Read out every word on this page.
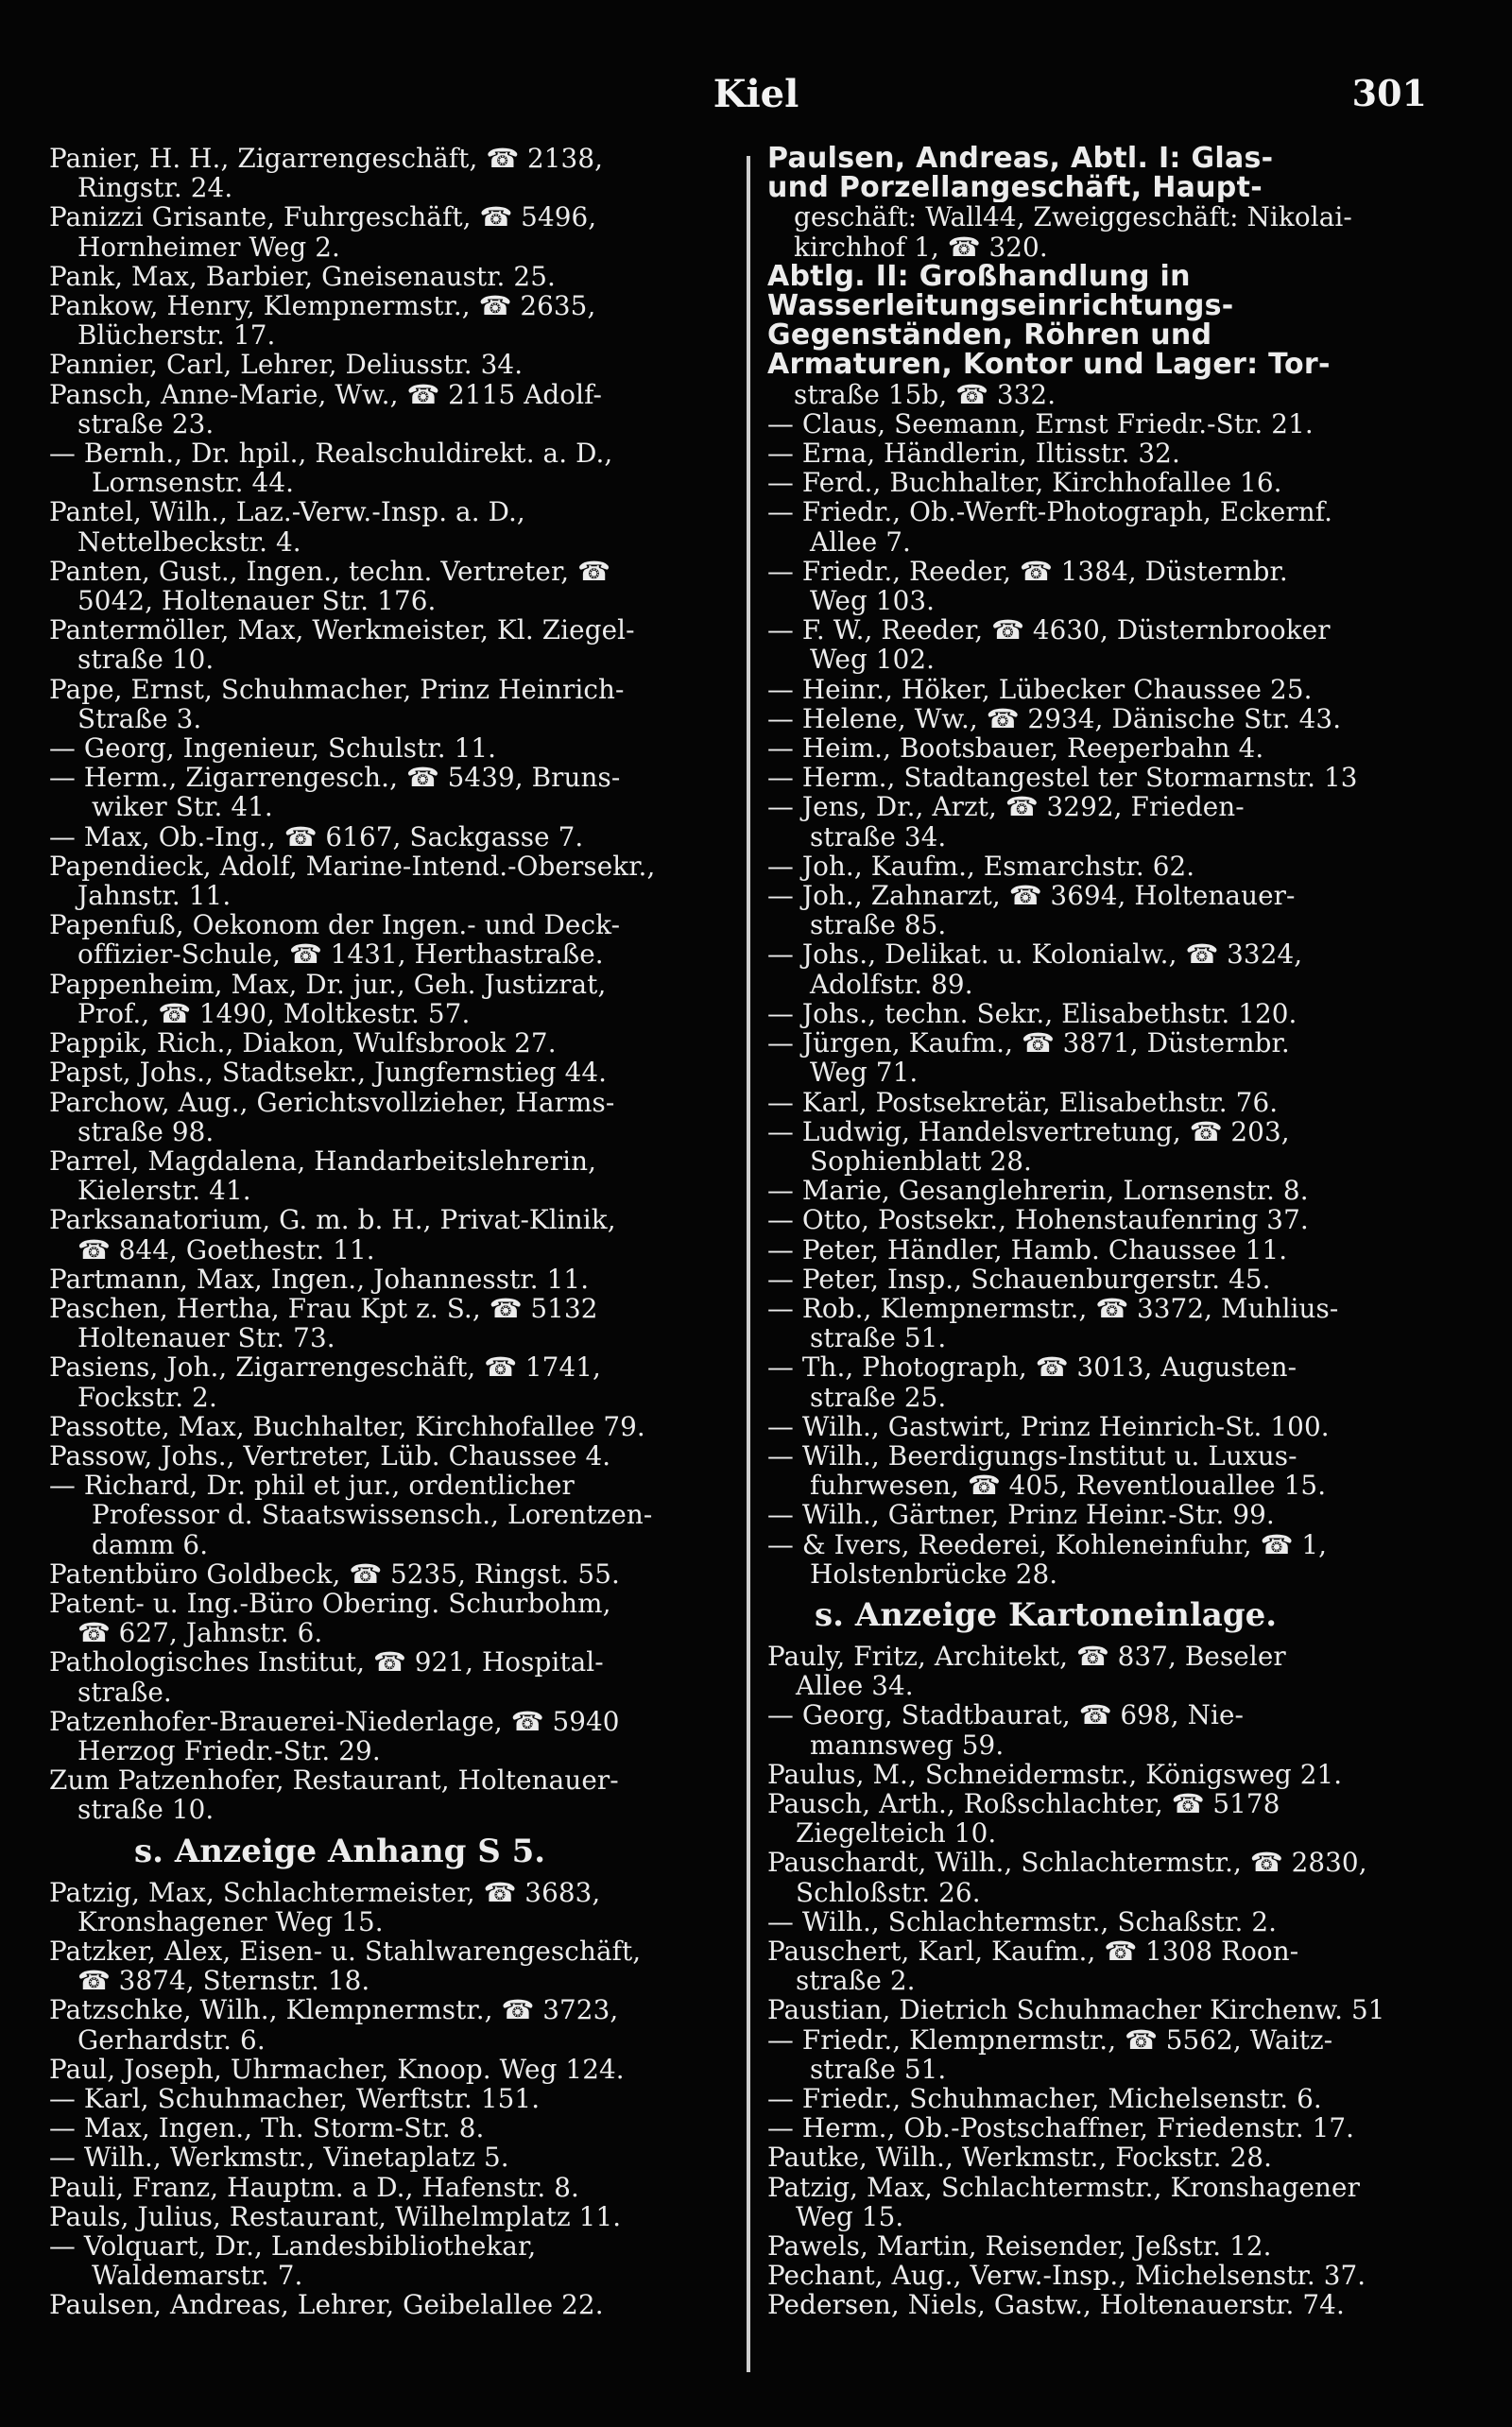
Kiel	301
Panier, H. H., Zigarrengeschäft, ☎ 2138,
Ringstr. 24.
Panizzi Grisante, Fuhrgeschäft, ☎ 5496,
Hornheimer Weg 2.
Pank, Max, Barbier, Gneisenaustr. 25.
Pankow, Henry, Klempnermstr., ☎ 2635,
Blücherstr. 17.
Pannier, Carl, Lehrer, Deliusstr. 34.
Pansch, Anne-Marie, Ww., ☎ 2115 Adolf-
straße 23.
— Bernh., Dr. hpil., Realschuldirekt. a. D.,
Lornsenstr. 44.
Pantel, Wilh., Laz.-Verw.-Insp. a. D.,
Nettelbeckstr. 4.
Panten, Gust., Ingen., techn. Vertreter, ☎
5042, Holtenauer Str. 176.
Pantermöller, Max, Werkmeister, Kl. Ziegel-
straße 10.
Pape, Ernst, Schuhmacher, Prinz Heinrich-
Straße 3.
— Georg, Ingenieur, Schulstr. 11.
— Herm., Zigarrengesch., ☎ 5439, Bruns-
wiker Str. 41.
— Max, Ob.-Ing., ☎ 6167, Sackgasse 7.
Papendieck, Adolf, Marine-Intend.-Obersekr.,
Jahnstr. 11.
Papenfuß, Oekonom der Ingen.- und Deck-
offizier-Schule, ☎ 1431, Herthastraße.
Pappenheim, Max, Dr. jur., Geh. Justizrat,
Prof., ☎ 1490, Moltkestr. 57.
Pappik, Rich., Diakon, Wulfsbrook 27.
Papst, Johs., Stadtsekr., Jungfernstieg 44.
Parchow, Aug., Gerichtsvollzieher, Harms-
straße 98.
Parrel, Magdalena, Handarbeitslehrerin,
Kielerstr. 41.
Parksanatorium, G. m. b. H., Privat-Klinik,
☎ 844, Goethestr. 11.
Partmann, Max, Ingen., Johannesstr. 11.
Paschen, Hertha, Frau Kpt z. S., ☎ 5132
Holtenauer Str. 73.
Pasiens, Joh., Zigarrengeschäft, ☎ 1741,
Fockstr. 2.
Passotte, Max, Buchhalter, Kirchhofallee 79.
Passow, Johs., Vertreter, Lüb. Chaussee 4.
— Richard, Dr. phil et jur., ordentlicher
Professor d. Staatswissensch., Lorentzen-
damm 6.
Patentbüro Goldbeck, ☎ 5235, Ringst. 55.
Patent- u. Ing.-Büro Obering. Schurbohm,
☎ 627, Jahnstr. 6.
Pathologisches Institut, ☎ 921, Hospital-
straße.
Patzenhofer-Brauerei-Niederlage, ☎ 5940
Herzog Friedr.-Str. 29.
Zum Patzenhofer, Restaurant, Holtenauer-
straße 10.
s. Anzeige Anhang S 5.
Patzig, Max, Schlachtermeister, ☎ 3683,
Kronshagener Weg 15.
Patzker, Alex, Eisen- u. Stahlwarengeschäft,
☎ 3874, Sternstr. 18.
Patzschke, Wilh., Klempnermstr., ☎ 3723,
Gerhardstr. 6.
Paul, Joseph, Uhrmacher, Knoop. Weg 124.
— Karl, Schuhmacher, Werftstr. 151.
— Max, Ingen., Th. Storm-Str. 8.
— Wilh., Werkmstr., Vinetaplatz 5.
Pauli, Franz, Hauptm. a D., Hafenstr. 8.
Pauls, Julius, Restaurant, Wilhelmplatz 11.
— Volquart, Dr., Landesbibliothekar,
Waldemarstr. 7.
Paulsen, Andreas, Lehrer, Geibelallee 22.
Paulsen, Andreas, Abtl. I: Glas-
und Porzellangeschäft, Haupt-
geschäft: Wall44, Zweiggeschäft: Nikolai-
kirchhof 1, ☎ 320.
Abtlg. II: Großhandlung in
Wasserleitungseinrichtungs-
Gegenständen, Röhren und
Armaturen, Kontor und Lager: Tor-
straße 15b, ☎ 332.
— Claus, Seemann, Ernst Friedr.-Str. 21.
— Erna, Händlerin, Iltisstr. 32.
— Ferd., Buchhalter, Kirchhofallee 16.
— Friedr., Ob.-Werft-Photograph, Eckernf.
Allee 7.
— Friedr., Reeder, ☎ 1384, Düsternbr.
Weg 103.
— F. W., Reeder, ☎ 4630, Düsternbrooker
Weg 102.
— Heinr., Höker, Lübecker Chaussee 25.
— Helene, Ww., ☎ 2934, Dänische Str. 43.
— Heim., Bootsbauer, Reeperbahn 4.
— Herm., Stadtangestel ter Stormarnstr. 13
— Jens, Dr., Arzt, ☎ 3292, Frieden-
straße 34.
— Joh., Kaufm., Esmarchstr. 62.
— Joh., Zahnarzt, ☎ 3694, Holtenauer-
straße 85.
— Johs., Delikat. u. Kolonialw., ☎ 3324,
Adolfstr. 89.
— Johs., techn. Sekr., Elisabethstr. 120.
— Jürgen, Kaufm., ☎ 3871, Düsternbr.
Weg 71.
— Karl, Postsekretär, Elisabethstr. 76.
— Ludwig, Handelsvertretung, ☎ 203,
Sophienblatt 28.
— Marie, Gesanglehrerin, Lornsenstr. 8.
— Otto, Postsekr., Hohenstaufenring 37.
— Peter, Händler, Hamb. Chaussee 11.
— Peter, Insp., Schauenburgerstr. 45.
— Rob., Klempnermstr., ☎ 3372, Muhlius-
straße 51.
— Th., Photograph, ☎ 3013, Augusten-
straße 25.
— Wilh., Gastwirt, Prinz Heinrich-St. 100.
— Wilh., Beerdigungs-Institut u. Luxus-
fuhrwesen, ☎ 405, Reventlouallee 15.
— Wilh., Gärtner, Prinz Heinr.-Str. 99.
— & Ivers, Reederei, Kohleneinfuhr, ☎ 1,
Holstenbrücke 28.
s. Anzeige Kartoneinlage.
Pauly, Fritz, Architekt, ☎ 837, Beseler
Allee 34.
— Georg, Stadtbaurat, ☎ 698, Nie-
mannsweg 59.
Paulus, M., Schneidermstr., Königsweg 21.
Pausch, Arth., Roßschlachter, ☎ 5178
Ziegelteich 10.
Pauschardt, Wilh., Schlachtermstr., ☎ 2830,
Schloßstr. 26.
— Wilh., Schlachtermstr., Schaßstr. 2.
Pauschert, Karl, Kaufm., ☎ 1308 Roon-
straße 2.
Paustian, Dietrich Schuhmacher Kirchenw. 51
— Friedr., Klempnermstr., ☎ 5562, Waitz-
straße 51.
— Friedr., Schuhmacher, Michelsenstr. 6.
— Herm., Ob.-Postschaffner, Friedenstr. 17.
Pautke, Wilh., Werkmstr., Fockstr. 28.
Patzig, Max, Schlachtermstr., Kronshagener
Weg 15.
Pawels, Martin, Reisender, Jeßstr. 12.
Pechant, Aug., Verw.-Insp., Michelsenstr. 37.
Pedersen, Niels, Gastw., Holtenauerstr. 74.
